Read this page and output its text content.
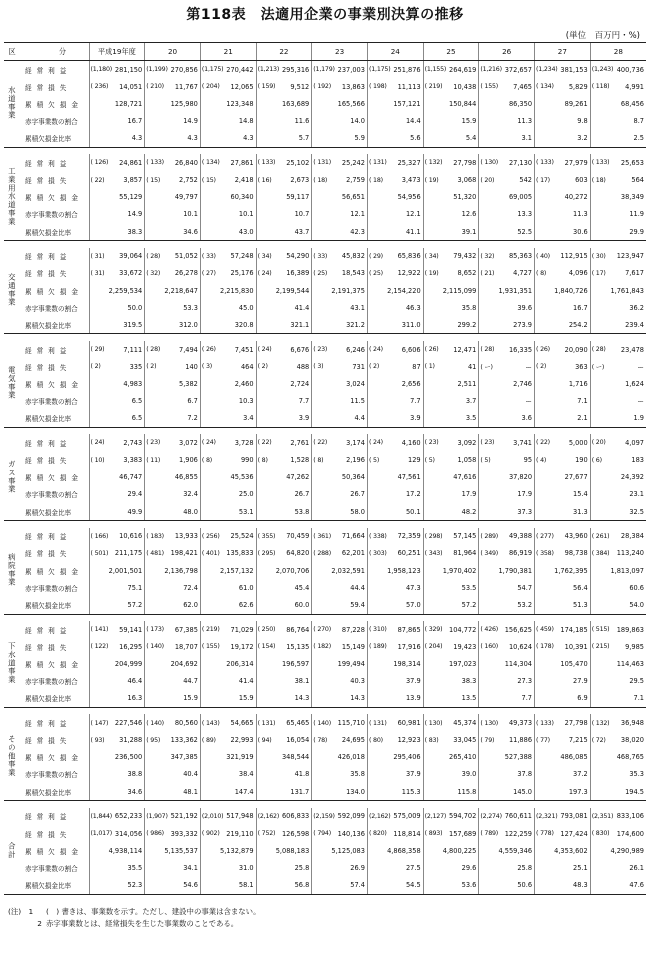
第118表　法適用企業の事業別決算の推移
(単位　百万円・%)
区　分		平成19年度	20	21	22	23	24	25	26	27	28
水道事業	経常利益	(1,180) 281,150	(1,199) 270,856	(1,175) 270,442	(1,213) 295,316	(1,179) 237,003	(1,175) 251,876	(1,155) 264,619	(1,216) 372,657	(1,234) 381,153	(1,243) 400,736

	経常損失	( 236) 14,051	( 210) 11,767	( 204) 12,065	( 159) 9,512	( 192) 13,863	( 198) 11,113	( 219) 10,438	( 155) 7,465	( 134) 5,829	( 118) 4,991

	累積欠損金	128,721	125,980	123,348	163,689	165,566	157,121	150,844	86,350	89,261	68,456

	赤字事業数の割合	16.7	14.9	14.8	11.6	14.0	14.4	15.9	11.3	9.8	8.7

	累積欠損金比率	4.3	4.3	4.3	5.7	5.9	5.6	5.4	3.1	3.2	2.5

工業用水道事業	経常利益	( 126) 24,861	( 133) 26,840	( 134) 27,861	( 133) 25,102	( 131) 25,242	( 131) 25,327	( 132) 27,798	( 130) 27,130	( 133) 27,979	( 133) 25,653

	経常損失	( 22) 3,857	( 15) 2,752	( 15) 2,418	( 16) 2,673	( 18) 2,759	( 18) 3,473	( 19) 3,068	( 20) 542	( 17) 603	( 18) 564

	累積欠損金	55,129	49,797	60,340	59,117	56,651	54,956	51,320	69,005	40,272	38,349

	赤字事業数の割合	14.9	10.1	10.1	10.7	12.1	12.1	12.6	13.3	11.3	11.9

	累積欠損金比率	38.3	34.6	43.0	43.7	42.3	41.1	39.1	52.5	30.6	29.9

交通事業	経常利益	( 31) 39,064	( 28) 51,052	( 33) 57,248	( 34) 54,290	( 33) 45,832	( 29) 65,836	( 34) 79,432	( 32) 85,363	( 40) 112,915	( 30) 123,947

	経常損失	( 31) 33,672	( 32) 26,278	( 27) 25,176	( 24) 16,389	( 25) 18,543	( 25) 12,922	( 19) 8,652	( 21) 4,727	( 8) 4,096	( 17) 7,617

	累積欠損金	2,259,534	2,218,647	2,215,830	2,199,544	2,191,375	2,154,220	2,115,099	1,931,351	1,840,726	1,761,843

	赤字事業数の割合	50.0	53.3	45.0	41.4	43.1	46.3	35.8	39.6	16.7	36.2

	累積欠損金比率	319.5	312.0	320.8	321.1	321.2	311.0	299.2	273.9	254.2	239.4

電気事業	経常利益	( 29) 7,111	( 28) 7,494	( 26) 7,451	( 24) 6,676	( 23) 6,246	( 24) 6,606	( 26) 12,471	( 28) 16,335	( 26) 20,090	( 28) 23,478

	経常損失	( 2) 335	( 2) 140	( 3) 464	( 2) 488	( 3) 731	( 2) 87	( 1) 41	( ー) ー	( 2) 363	( ー) ー

	累積欠損金	4,983	5,382	2,460	2,724	3,024	2,656	2,511	2,746	1,716	1,624

	赤字事業数の割合	6.5	6.7	10.3	7.7	11.5	7.7	3.7	ー	7.1	ー

	累積欠損金比率	6.5	7.2	3.4	3.9	4.4	3.9	3.5	3.6	2.1	1.9

ガス事業	経常利益	( 24) 2,743	( 23) 3,072	( 24) 3,728	( 22) 2,761	( 22) 3,174	( 24) 4,160	( 23) 3,092	( 23) 3,741	( 22) 5,000	( 20) 4,097

	経常損失	( 10) 3,383	( 11) 1,906	( 8) 990	( 8) 1,528	( 8) 2,196	( 5) 129	( 5) 1,058	( 5) 95	( 4) 190	( 6) 183

	累積欠損金	46,747	46,855	45,536	47,262	50,364	47,561	47,616	37,820	27,677	24,392

	赤字事業数の割合	29.4	32.4	25.0	26.7	26.7	17.2	17.9	17.9	15.4	23.1

	累積欠損金比率	49.9	48.0	53.1	53.8	58.0	50.1	48.2	37.3	31.3	32.5

病院事業	経常利益	( 166) 10,616	( 183) 13,933	( 256) 25,524	( 355) 70,459	( 361) 71,664	( 338) 72,359	( 298) 57,145	( 289) 49,388	( 277) 43,960	( 261) 28,384

	経常損失	( 501) 211,175	( 481) 198,421	( 401) 135,833	( 295) 64,820	( 288) 62,201	( 303) 60,251	( 343) 81,964	( 349) 86,919	( 358) 98,738	( 384) 113,240

	累積欠損金	2,001,501	2,136,798	2,157,132	2,070,706	2,032,591	1,958,123	1,970,402	1,790,381	1,762,395	1,813,097

	赤字事業数の割合	75.1	72.4	61.0	45.4	44.4	47.3	53.5	54.7	56.4	60.6

	累積欠損金比率	57.2	62.0	62.6	60.0	59.4	57.0	57.2	53.2	51.3	54.0

下水道事業	経常利益	( 141) 59,141	( 173) 67,385	( 219) 71,029	( 250) 86,764	( 270) 87,228	( 310) 87,865	( 329) 104,772	( 426) 156,625	( 459) 174,185	( 515) 189,863

	経常損失	( 122) 16,295	( 140) 18,707	( 155) 19,172	( 154) 15,135	( 182) 15,149	( 189) 17,916	( 204) 19,423	( 160) 10,624	( 178) 10,391	( 215) 9,985

	累積欠損金	204,999	204,692	206,314	196,597	199,494	198,314	197,023	114,304	105,470	114,463

	赤字事業数の割合	46.4	44.7	41.4	38.1	40.3	37.9	38.3	27.3	27.9	29.5

	累積欠損金比率	16.3	15.9	15.9	14.3	14.3	13.9	13.5	7.7	6.9	7.1

その他事業	経常利益	( 147) 227,546	( 140) 80,560	( 143) 54,665	( 131) 65,465	( 140) 115,710	( 131) 60,981	( 130) 45,374	( 130) 49,373	( 133) 27,798	( 132) 36,948

	経常損失	( 93) 31,288	( 95) 133,362	( 89) 22,993	( 94) 16,054	( 78) 24,695	( 80) 12,923	( 83) 33,045	( 79) 11,886	( 77) 7,215	( 72) 38,020

	累積欠損金	236,500	347,385	321,919	348,544	426,018	295,406	265,410	527,388	486,085	468,765

	赤字事業数の割合	38.8	40.4	38.4	41.8	35.8	37.9	39.0	37.8	37.2	35.3

	累積欠損金比率	34.6	48.1	147.4	131.7	134.0	115.3	115.8	145.0	197.3	194.5

合計	経常利益	(1,844) 652,233	(1,907) 521,192	(2,010) 517,948	(2,162) 606,833	(2,159) 592,099	(2,162) 575,009	(2,127) 594,702	(2,274) 760,611	(2,321) 793,081	(2,351) 833,106

	経常損失	(1,017) 314,056	( 986) 393,332	( 902) 219,110	( 752) 126,598	( 794) 140,136	( 820) 118,814	( 893) 157,689	( 789) 122,259	( 778) 127,424	( 830) 174,600

	累積欠損金	4,938,114	5,135,537	5,132,879	5,088,183	5,125,083	4,868,358	4,800,225	4,559,346	4,353,602	4,290,989

	赤字事業数の割合	35.5	34.1	31.0	25.8	26.9	27.5	29.6	25.8	25.1	26.1

	累積欠損金比率	52.3	54.6	58.1	56.8	57.4	54.5	53.6	50.6	48.3	47.6
(注)　1 (　) 書きは、事業数を示す。ただし、建設中の事業は含まない。
2 赤字事業数とは、経常損失を生じた事業数のことである。
